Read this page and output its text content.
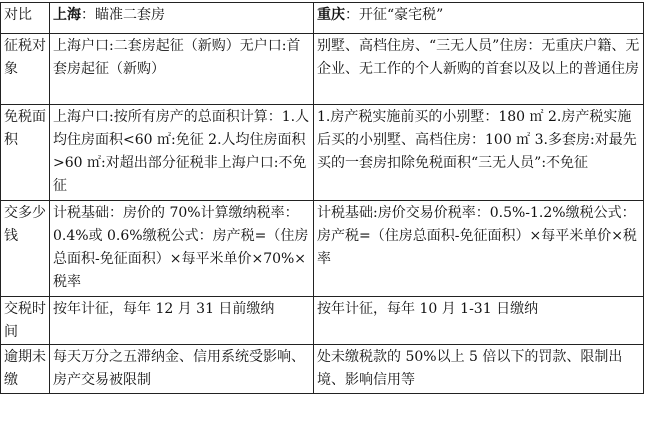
对比	上海：瞄准二套房	重庆：开征“豪宅税”
征税对象	上海户口:二套房起征（新购）无户口:首套房起征（新购）	别墅、高档住房、“三无人员”住房：无重庆户籍、无企业、无工作的个人新购的首套以及以上的普通住房
免税面积	上海户口:按所有房产的总面积计算：1.人均住房面积<60 ㎡:免征 2.人均住房面积>60 ㎡:对超出部分征税非上海户口:不免征	1.房产税实施前买的小别墅：180 ㎡ 2.房产税实施后买的小别墅、高档住房：100 ㎡ 3.多套房:对最先买的一套房扣除免税面积“三无人员”:不免征
交多少钱	计税基础：房价的 70%计算缴纳税率：0.4%或 0.6%缴税公式：房产税=（住房总面积-免征面积）×每平米单价×70%×税率	计税基础:房价交易价税率：0.5%-1.2%缴税公式：房产税=（住房总面积-免征面积）×每平米单价×税率
交税时间	按年计征，每年 12 月 31 日前缴纳	按年计征，每年 10 月 1-31 日缴纳
逾期未缴	每天万分之五滞纳金、信用系统受影响、房产交易被限制	处未缴税款的 50%以上 5 倍以下的罚款、限制出境、影响信用等
